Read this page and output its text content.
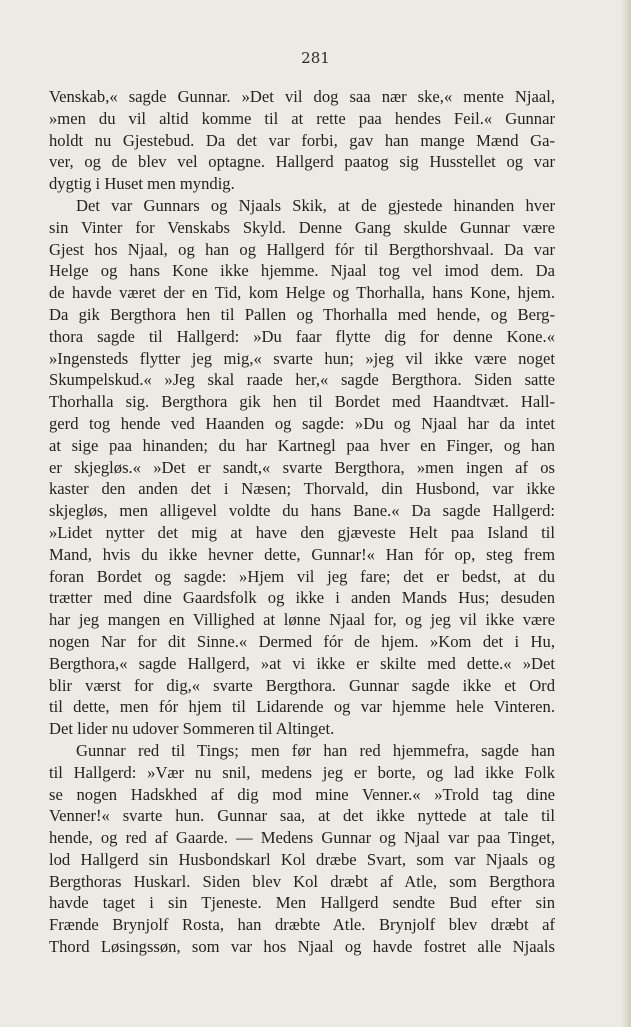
281
Venskab,« sagde Gunnar. »Det vil dog saa nær ske,« mente Njaal,
»men du vil altid komme til at rette paa hendes Feil.« Gunnar
holdt nu Gjestebud. Da det var forbi, gav han mange Mænd Ga-
ver, og de blev vel optagne. Hallgerd paatog sig Husstellet og var
dygtig i Huset men myndig.
Det var Gunnars og Njaals Skik, at de gjestede hinanden hver
sin Vinter for Venskabs Skyld. Denne Gang skulde Gunnar være
Gjest hos Njaal, og han og Hallgerd fór til Bergthorshvaal. Da var
Helge og hans Kone ikke hjemme. Njaal tog vel imod dem. Da
de havde været der en Tid, kom Helge og Thorhalla, hans Kone, hjem.
Da gik Bergthora hen til Pallen og Thorhalla med hende, og Berg-
thora sagde til Hallgerd: »Du faar flytte dig for denne Kone.«
»Ingensteds flytter jeg mig,« svarte hun; »jeg vil ikke være noget
Skumpelskud.« »Jeg skal raade her,« sagde Bergthora. Siden satte
Thorhalla sig. Bergthora gik hen til Bordet med Haandtvæt. Hall-
gerd tog hende ved Haanden og sagde: »Du og Njaal har da intet
at sige paa hinanden; du har Kartnegl paa hver en Finger, og han
er skjegløs.« »Det er sandt,« svarte Bergthora, »men ingen af os
kaster den anden det i Næsen; Thorvald, din Husbond, var ikke
skjegløs, men alligevel voldte du hans Bane.« Da sagde Hallgerd:
»Lidet nytter det mig at have den gjæveste Helt paa Island til
Mand, hvis du ikke hevner dette, Gunnar!« Han fór op, steg frem
foran Bordet og sagde: »Hjem vil jeg fare; det er bedst, at du
trætter med dine Gaardsfolk og ikke i anden Mands Hus; desuden
har jeg mangen en Villighed at lønne Njaal for, og jeg vil ikke være
nogen Nar for dit Sinne.« Dermed fór de hjem. »Kom det i Hu,
Bergthora,« sagde Hallgerd, »at vi ikke er skilte med dette.« »Det
blir værst for dig,« svarte Bergthora. Gunnar sagde ikke et Ord
til dette, men fór hjem til Lidarende og var hjemme hele Vinteren.
Det lider nu udover Sommeren til Altinget.
Gunnar red til Tings; men før han red hjemmefra, sagde han
til Hallgerd: »Vær nu snil, medens jeg er borte, og lad ikke Folk
se nogen Hadskhed af dig mod mine Venner.« »Trold tag dine
Venner!« svarte hun. Gunnar saa, at det ikke nyttede at tale til
hende, og red af Gaarde. — Medens Gunnar og Njaal var paa Tinget,
lod Hallgerd sin Husbondskarl Kol dræbe Svart, som var Njaals og
Bergthoras Huskarl. Siden blev Kol dræbt af Atle, som Bergthora
havde taget i sin Tjeneste. Men Hallgerd sendte Bud efter sin
Frænde Brynjolf Rosta, han dræbte Atle. Brynjolf blev dræbt af
Thord Løsingssøn, som var hos Njaal og havde fostret alle Njaals
